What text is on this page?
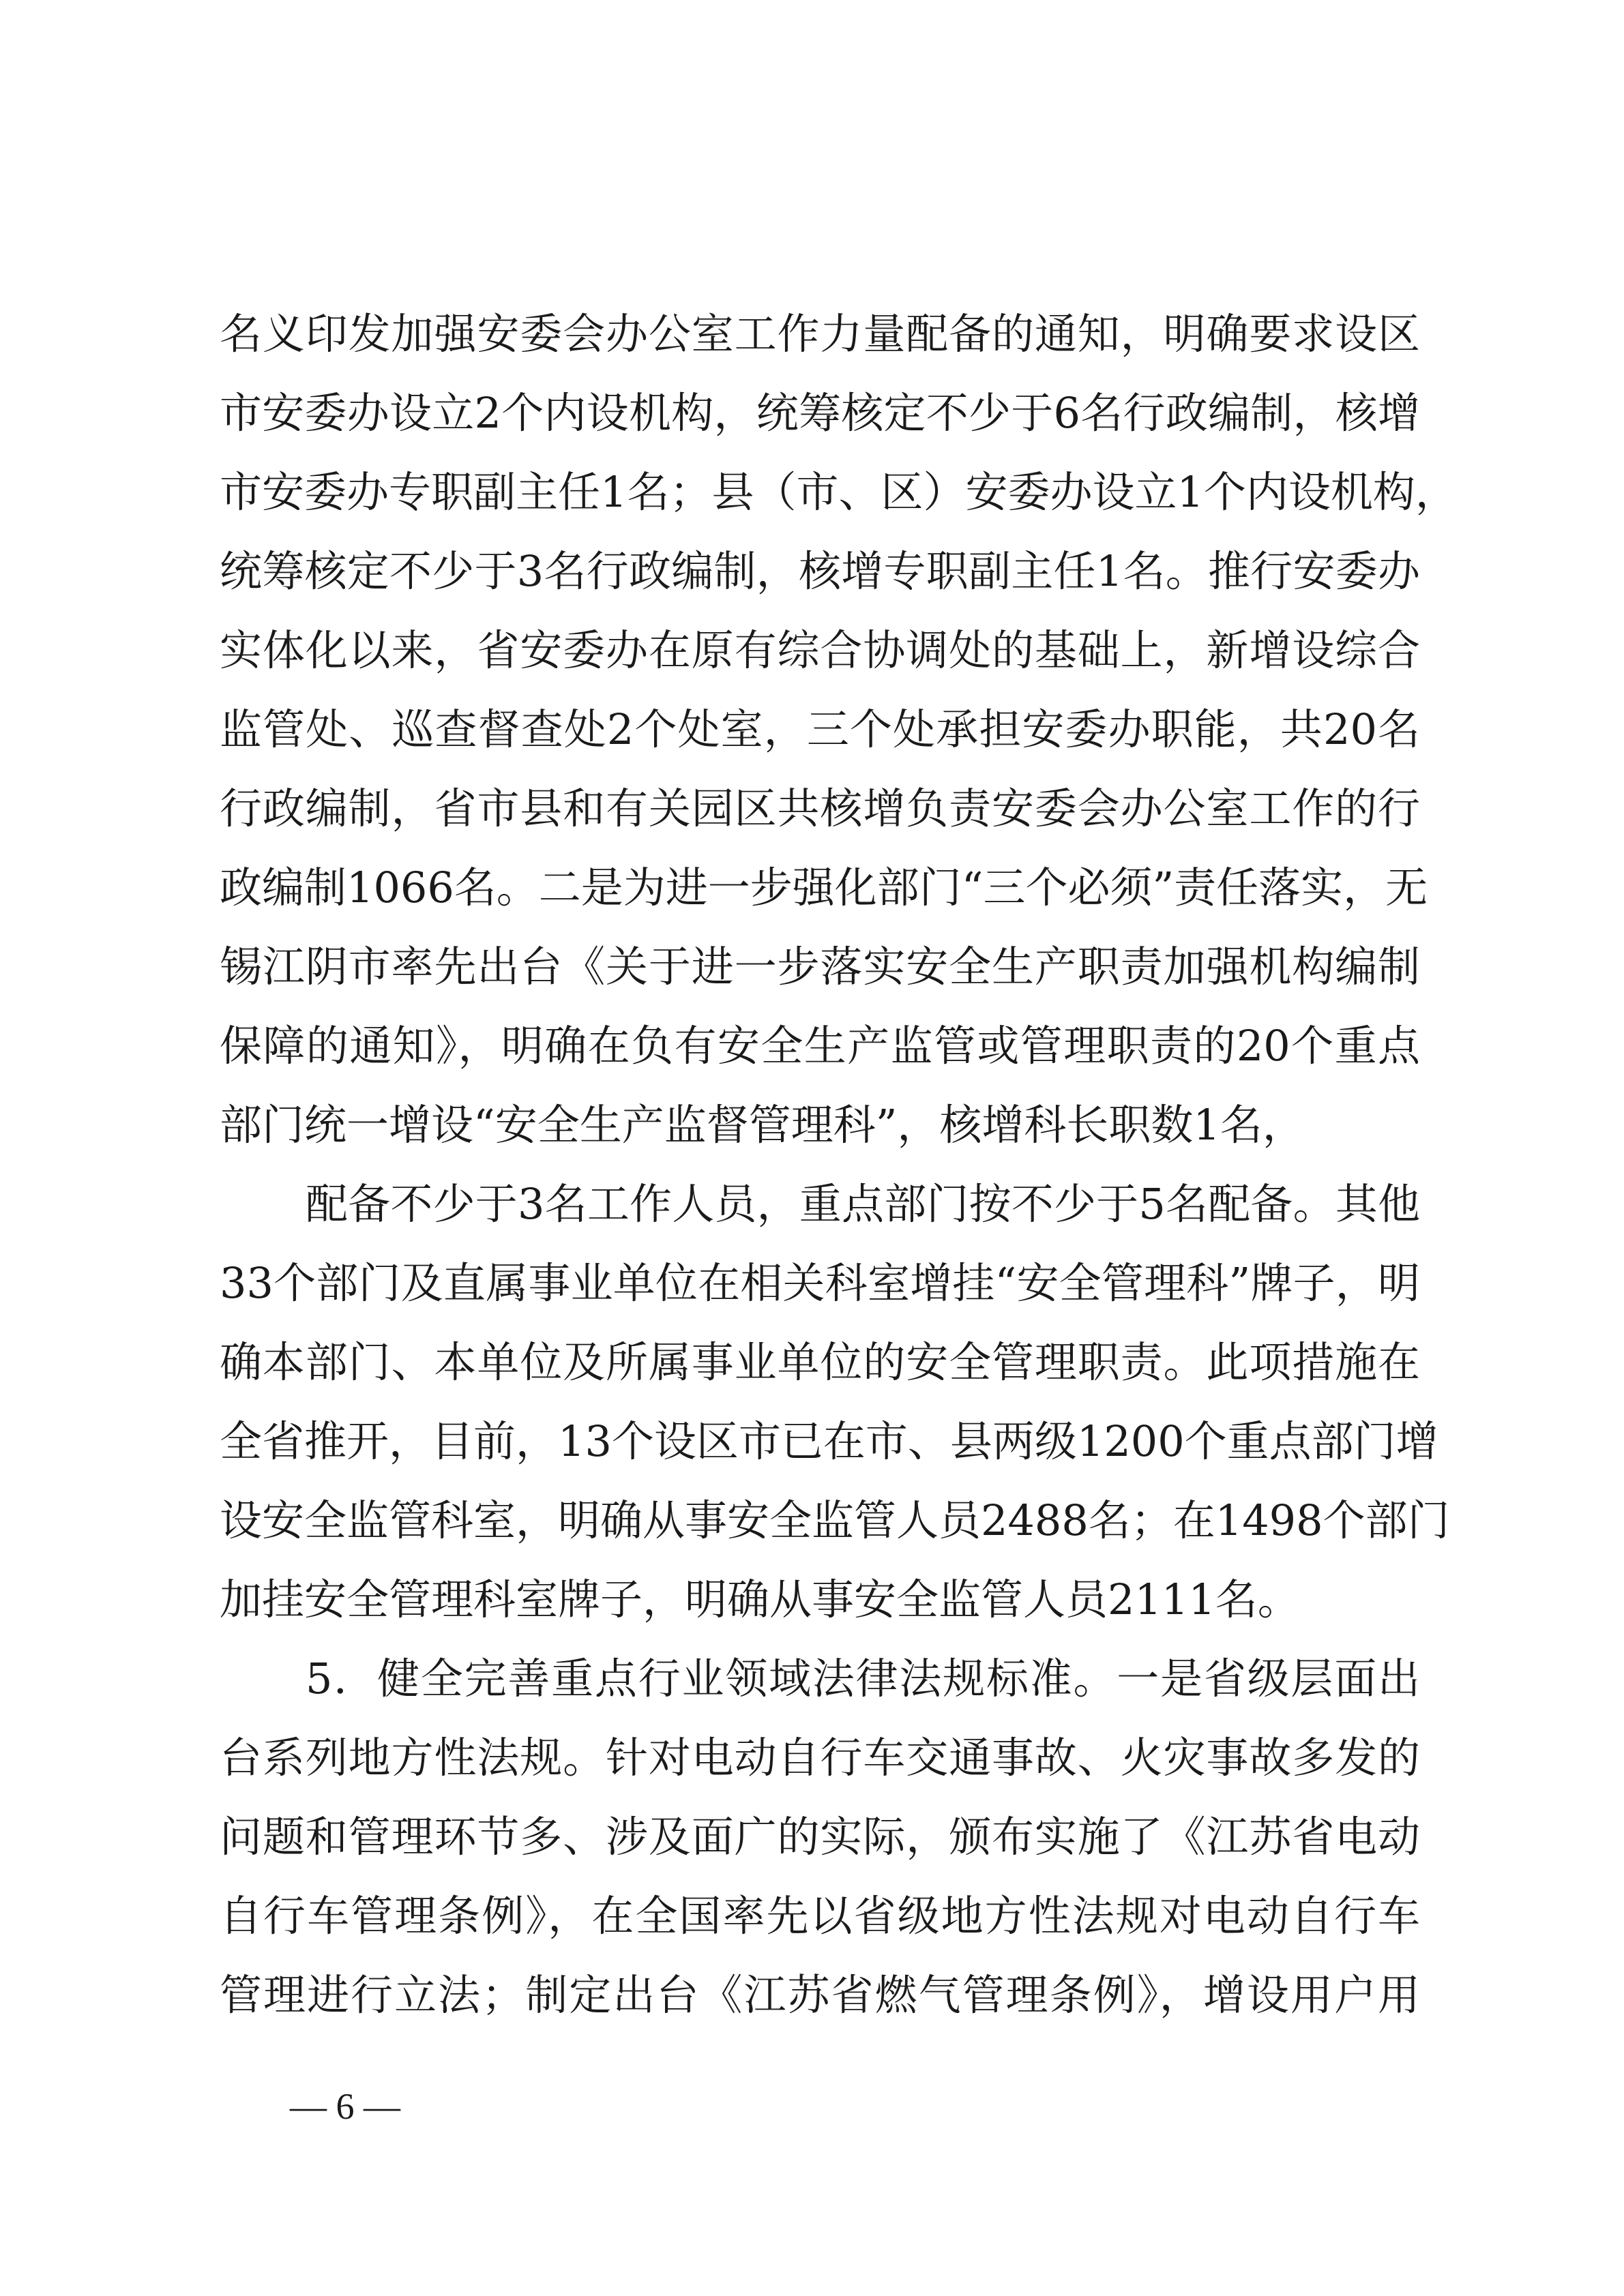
名义印发加强安委会办公室工作力量配备的通知，明确要求设区
市安委办设立2个内设机构，统筹核定不少于6名行政编制，核增
市安委办专职副主任1名；县（市、区）安委办设立1个内设机构，
统筹核定不少于3名行政编制，核增专职副主任1名。推行安委办
实体化以来，省安委办在原有综合协调处的基础上，新增设综合
监管处、巡查督查处2个处室，三个处承担安委办职能，共20名
行政编制，省市县和有关园区共核增负责安委会办公室工作的行
政编制1066名。二是为进一步强化部门“三个必须”责任落实，无
锡江阴市率先出台《关于进一步落实安全生产职责加强机构编制
保障的通知》，明确在负有安全生产监管或管理职责的20个重点
部门统一增设“安全生产监督管理科”，核增科长职数1名，
配备不少于3名工作人员，重点部门按不少于5名配备。其他
33个部门及直属事业单位在相关科室增挂“安全管理科”牌子，明
确本部门、本单位及所属事业单位的安全管理职责。此项措施在
全省推开，目前，13个设区市已在市、县两级1200个重点部门增
设安全监管科室，明确从事安全监管人员2488名；在1498个部门
加挂安全管理科室牌子，明确从事安全监管人员2111名。
5．健全完善重点行业领域法律法规标准。一是省级层面出
台系列地方性法规。针对电动自行车交通事故、火灾事故多发的
问题和管理环节多、涉及面广的实际，颁布实施了《江苏省电动
自行车管理条例》，在全国率先以省级地方性法规对电动自行车
管理进行立法；制定出台《江苏省燃气管理条例》，增设用户用
— 6 —
